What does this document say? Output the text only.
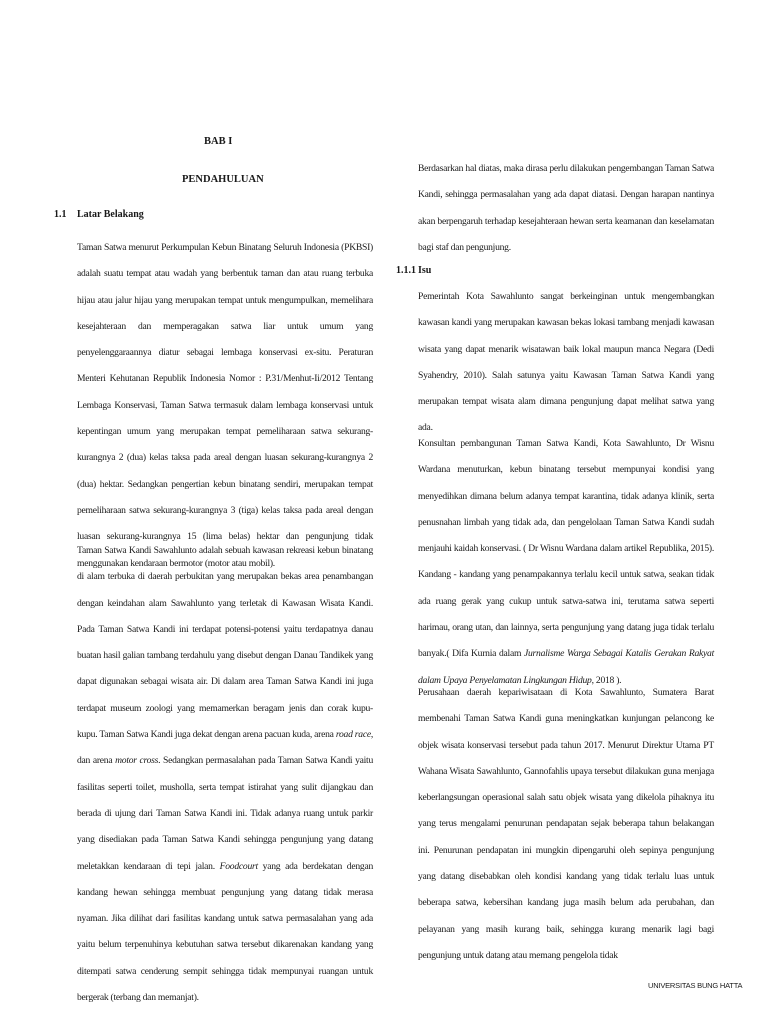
BAB I
PENDAHULUAN
1.1 Latar Belakang

Taman Satwa menurut Perkumpulan Kebun Binatang Seluruh Indonesia (PKBSI) adalah suatu tempat atau wadah yang berbentuk taman dan atau ruang terbuka hijau atau jalur hijau yang merupakan tempat untuk mengumpulkan, memelihara kesejahteraan dan memperagakan satwa liar untuk umum yang penyelenggaraannya diatur sebagai lembaga konservasi ex-situ. Peraturan Menteri Kehutanan Republik Indonesia Nomor : P.31/Menhut-Ii/2012 Tentang Lembaga Konservasi, Taman Satwa termasuk dalam lembaga konservasi untuk kepentingan umum yang merupakan tempat pemeliharaan satwa sekurang-kurangnya 2 (dua) kelas taksa pada areal dengan luasan sekurang-kurangnya 2 (dua) hektar. Sedangkan pengertian kebun binatang sendiri, merupakan tempat pemeliharaan satwa sekurang-kurangnya 3 (tiga) kelas taksa pada areal dengan luasan sekurang-kurangnya 15 (lima belas) hektar dan pengunjung tidak menggunakan kendaraan bermotor (motor atau mobil).

Taman Satwa Kandi Sawahlunto adalah sebuah kawasan rekreasi kebun binatang di alam terbuka di daerah perbukitan yang merupakan bekas area penambangan dengan keindahan alam Sawahlunto yang terletak di Kawasan Wisata Kandi. Pada Taman Satwa Kandi ini terdapat potensi-potensi yaitu terdapatnya danau buatan hasil galian tambang terdahulu yang disebut dengan Danau Tandikek yang dapat digunakan sebagai wisata air. Di dalam area Taman Satwa Kandi ini juga terdapat museum zoologi yang memamerkan beragam jenis dan corak kupu-kupu. Taman Satwa Kandi juga dekat dengan arena pacuan kuda, arena road race, dan arena motor cross. Sedangkan permasalahan pada Taman Satwa Kandi yaitu fasilitas seperti toilet, musholla, serta tempat istirahat yang sulit dijangkau dan berada di ujung dari Taman Satwa Kandi ini. Tidak adanya ruang untuk parkir yang disediakan pada Taman Satwa Kandi sehingga pengunjung yang datang meletakkan kendaraan di tepi jalan. Foodcourt yang ada berdekatan dengan kandang hewan sehingga membuat pengunjung yang datang tidak merasa nyaman. Jika dilihat dari fasilitas kandang untuk satwa permasalahan yang ada yaitu belum terpenuhinya kebutuhan satwa tersebut dikarenakan kandang yang ditempati satwa cenderung sempit sehingga tidak mempunyai ruangan untuk bergerak (terbang dan memanjat).

Berdasarkan hal diatas, maka dirasa perlu dilakukan pengembangan Taman Satwa Kandi, sehingga permasalahan yang ada dapat diatasi. Dengan harapan nantinya akan berpengaruh terhadap kesejahteraan hewan serta keamanan dan keselamatan bagi staf dan pengunjung.

1.1.1 Isu

Pemerintah Kota Sawahlunto sangat berkeinginan untuk mengembangkan kawasan kandi yang merupakan kawasan bekas lokasi tambang menjadi kawasan wisata yang dapat menarik wisatawan baik lokal maupun manca Negara (Dedi Syahendry, 2010). Salah satunya yaitu Kawasan Taman Satwa Kandi yang merupakan tempat wisata alam dimana pengunjung dapat melihat satwa yang ada.

Konsultan pembangunan Taman Satwa Kandi, Kota Sawahlunto, Dr Wisnu Wardana menuturkan, kebun binatang tersebut mempunyai kondisi yang menyedihkan dimana belum adanya tempat karantina, tidak adanya klinik, serta penusnahan limbah yang tidak ada, dan pengelolaan Taman Satwa Kandi sudah menjauhi kaidah konservasi. ( Dr Wisnu Wardana dalam artikel Republika, 2015). Kandang - kandang yang penampakannya terlalu kecil untuk satwa, seakan tidak ada ruang gerak yang cukup untuk satwa-satwa ini, terutama satwa seperti harimau, orang utan, dan lainnya, serta pengunjung yang datang juga tidak terlalu banyak.( Difa Kurnia dalam Jurnalisme Warga Sebagai Katalis Gerakan Rakyat dalam Upaya Penyelamatan Lingkungan Hidup, 2018 ).

Perusahaan daerah kepariwisataan di Kota Sawahlunto, Sumatera Barat membenahi Taman Satwa Kandi guna meningkatkan kunjungan pelancong ke objek wisata konservasi tersebut pada tahun 2017. Menurut Direktur Utama PT Wahana Wisata Sawahlunto, Gannofahlis upaya tersebut dilakukan guna menjaga keberlangsungan operasional salah satu objek wisata yang dikelola pihaknya itu yang terus mengalami penurunan pendapatan sejak beberapa tahun belakangan ini. Penurunan pendapatan ini mungkin dipengaruhi oleh sepinya pengunjung yang datang disebabkan oleh kondisi kandang yang tidak terlalu luas untuk beberapa satwa, kebersihan kandang juga masih belum ada perubahan, dan pelayanan yang masih kurang baik, sehingga kurang menarik lagi bagi pengunjung untuk datang atau memang pengelola tidak

UNIVERSITAS BUNG HATTA
